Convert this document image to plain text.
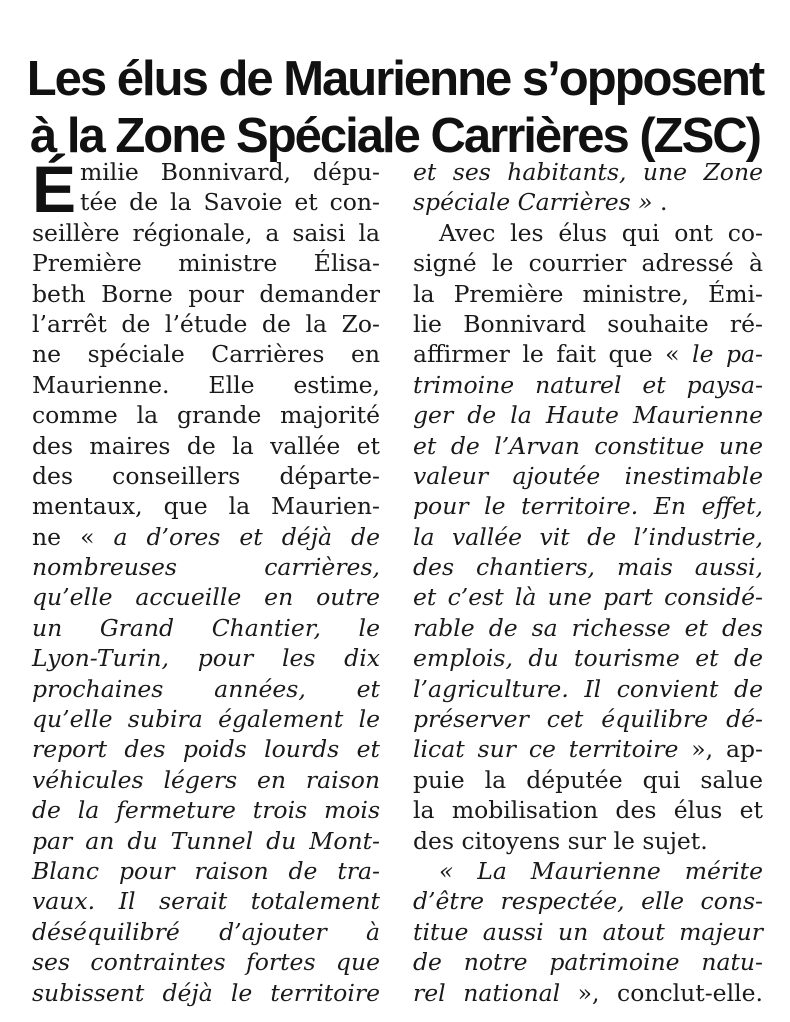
Les élus de Maurienne s’opposent
à la Zone Spéciale Carrières (ZSC)
É milie Bonnivard, dépu-
tée de la Savoie et con-
seillère régionale, a saisi la
Première ministre Élisa-
beth Borne pour demander
l’arrêt de l’étude de la Zo-
ne spéciale Carrières en
Maurienne. Elle estime,
comme la grande majorité
des maires de la vallée et
des conseillers départe-
mentaux, que la Maurien-
ne « a d’ores et déjà de
nombreuses carrières,
qu’elle accueille en outre
un Grand Chantier, le
Lyon-Turin, pour les dix
prochaines années, et
qu’elle subira également le
report des poids lourds et
véhicules légers en raison
de la fermeture trois mois
par an du Tunnel du Mont-
Blanc pour raison de tra-
vaux. Il serait totalement
déséquilibré d’ajouter à
ses contraintes fortes que
subissent déjà le territoire
et ses habitants, une Zone
spéciale Carrières » .
Avec les élus qui ont co-
signé le courrier adressé à
la Première ministre, Émi-
lie Bonnivard souhaite ré-
affirmer le fait que « le pa-
trimoine naturel et paysa-
ger de la Haute Maurienne
et de l’Arvan constitue une
valeur ajoutée inestimable
pour le territoire. En effet,
la vallée vit de l’industrie,
des chantiers, mais aussi,
et c’est là une part considé-
rable de sa richesse et des
emplois, du tourisme et de
l’agriculture. Il convient de
préserver cet équilibre dé-
licat sur ce territoire », ap-
puie la députée qui salue
la mobilisation des élus et
des citoyens sur le sujet.
« La Maurienne mérite
d’être respectée, elle cons-
titue aussi un atout majeur
de notre patrimoine natu-
rel national », conclut-elle.
